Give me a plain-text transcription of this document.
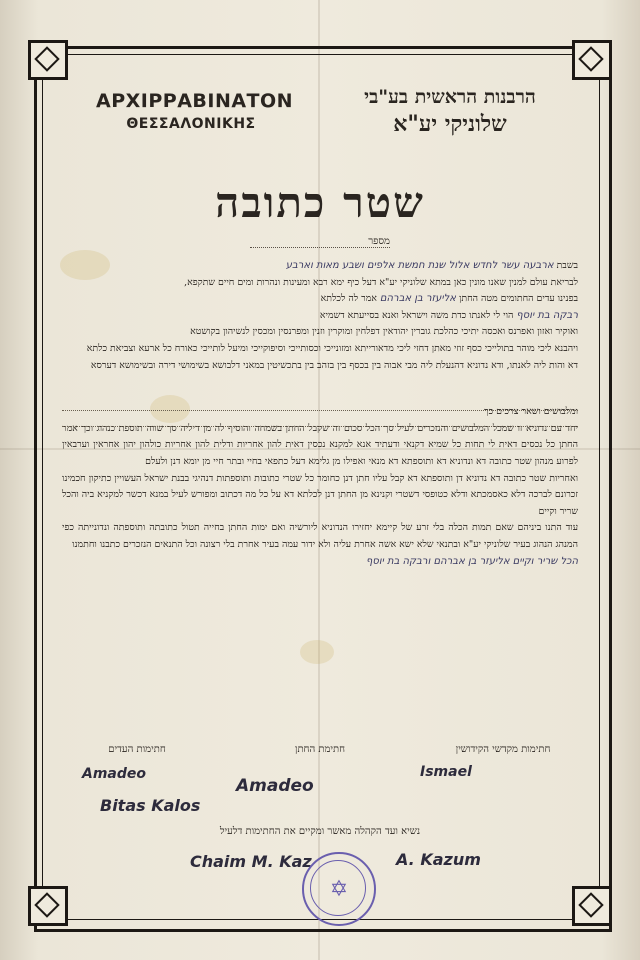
ΑΡΧΙΡΡΑΒΙΝΑΤΟΝ
ΘΕΣΣΑΛΟΝΙΚΗΣ
הרבנות הראשית בע"בי
שלוניקי יע"א
שטר כתובה
מספר

בשבת ארבעה עשר לחדש אלול שנת חמשת אלפים ושבע מאות וארבע

לבריאת עולם למנין שאנו מונין כאן במתא שלוניקי יע"א דעל כיף ימא רבא ומעינות ונהרות ומים חיים שתקפא,

בפנינו עדים החתומים מטה החתן אליעזר בן אברהם אמר לה לכלתא

רבקה בת יוסף הוי לי לאנתו כדת משה וישראל ואנא בסייעתא דשמיא

ואוקיר ואזון ואפרנס ואכסה יתיכי כהלכת גוברין יהודאין דפלחין ומוקרין וזנין ומפרנסין ומכסין לנשיהון בקושטא

ויהבנא ליכי מוהר בתולייכי כסף זוזי מאתן דחזי ליכי מדאורייתא ומזונייכי וכסותייכי וסיפוקייכי ומיעל לותייכי כאורח כל ארעא וצביאת כלתא

דא והות ליה לאנתו, ודא נדוניא דהנעלת ליה מבי אבוה בין בכסף בין בזהב בין בתכשיטין במאני דלבושא בשימושי דירה ובשימושא דערסא

ומלבושים ושאר צרכים כך

יחד עם נדוניא זו שמכל המלבושים והנזכרים לעיל סך הכל סכום זה שקבל החתן בשמחה והוסיף לה מן דיליה סך שווה תוספת כנהוג וכך אמר החתן כל נכסים דאית לי תחות כל שמיא דקנאי ודעתיד אנא למקנא נכסין דאית להון אחריות ודלית להון אחריות כולהון יהון אחראין וערבאין לפרוע מנהון שטר כתובה דא ונדוניא דא ותוספתא דא מנאי ואפילו מן גלימא דעל כתפאי בחיי ובתר חיי מן יומא דנן ולעלם

ואחריות שטר כתובה דא נדוניא דן ותוספתא דא קבל עליו חתן דנן כחומר כל שטרי כתובות ותוספתות דנהיגי בבנת ישראל העשויין כתיקון חכמינו זכרונם לברכה דלא כאסמכתא ודלא כטופסי דשטרי וקנינא מן החתן דנן לכלתא דא על כל מה דכתוב ומפורש לעיל במנא דכשר למקניא ביה והכל שריר וקיים

עוד התנו ביניהם שאם תמות הכלה בלי זרע של קיימא יחזירו הנדוניא ליורשיה ואם ימות החתן בחייה תטול כתובתה ותוספתה ונדונייתה כפי המנהג הנהוג בעיר שלוניקי יע"א ובתנאי שלא ישא אשה אחרת עליה ולא ידור עמה בעיר אחרת בלי רצונה וכל התנאים הנזכרים כתבנו וחתמנו

הכל שריר וקיים אליעזר בן אברהם ורבקה בת יוסף

חתימות מקדשי הקידושין
חתימת החתן
חתימות העדים
Amadeo
Bitas Kalos
Amadeo
Ismael
נשיא ועד הקהלה מאשר ומקיים את החתימות דלעיל
Chaim M. Kaz	A. Kazum
✡
